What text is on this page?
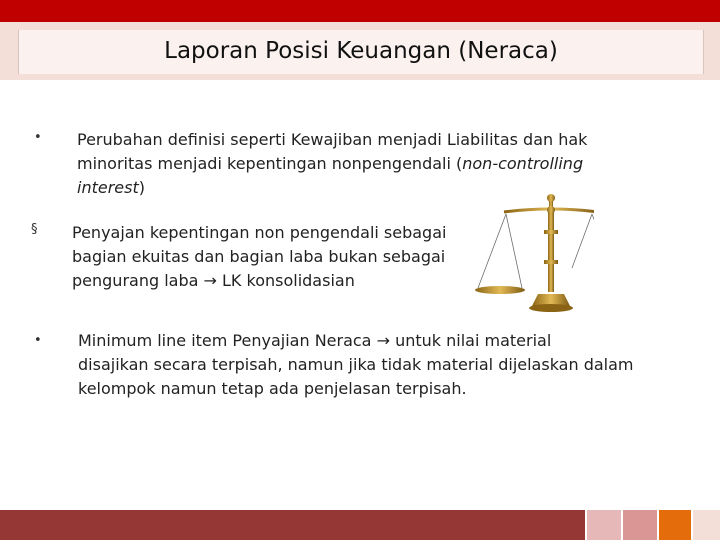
Laporan Posisi Keuangan (Neraca)
• Perubahan definisi seperti Kewajiban menjadi Liabilitas dan hak
minoritas menjadi kepentingan nonpengendali (non-controlling
interest)
§ Penyajan kepentingan non pengendali sebagai
bagian ekuitas dan bagian laba bukan sebagai
pengurang laba → LK konsolidasian
• Minimum line item Penyajian Neraca → untuk nilai material
disajikan secara terpisah, namun jika tidak material dijelaskan dalam
kelompok namun tetap ada penjelasan terpisah.
